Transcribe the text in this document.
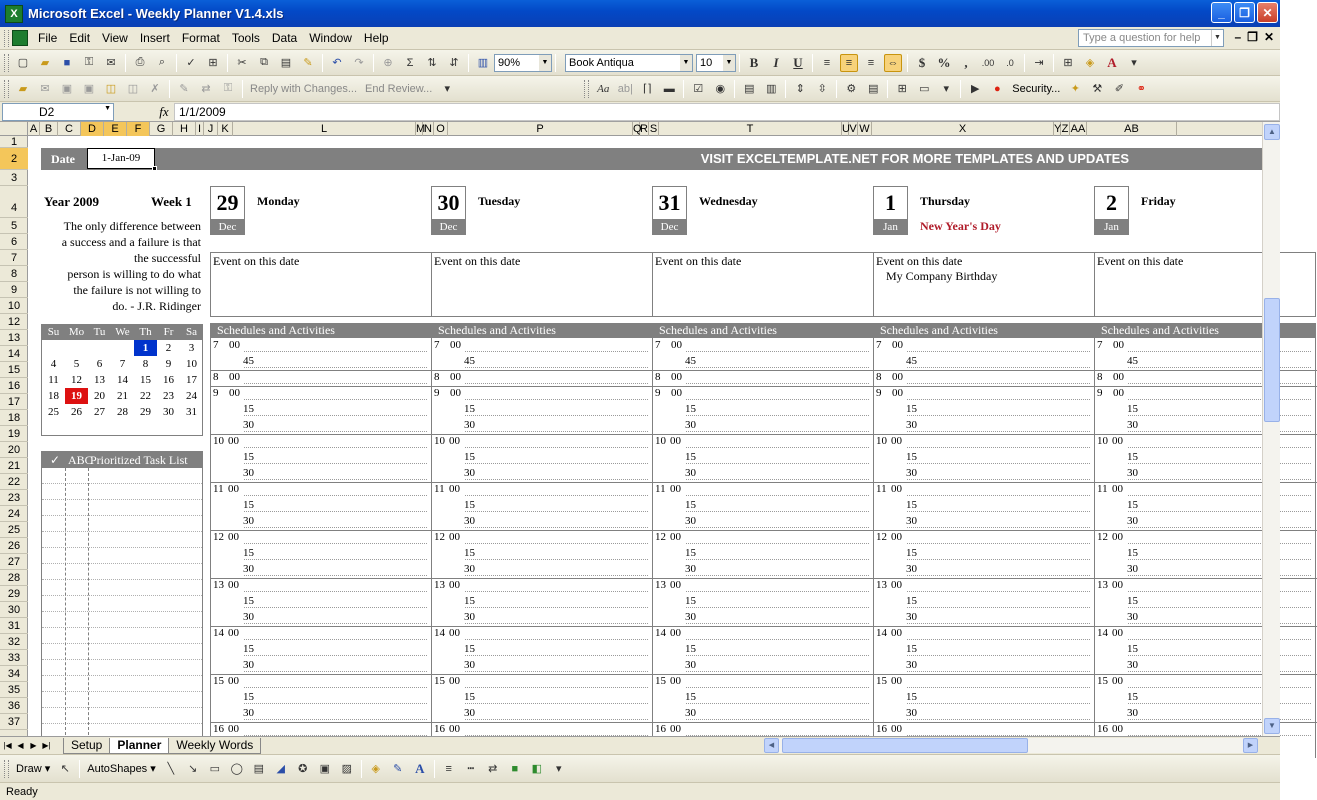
X Microsoft Excel - Weekly Planner V1.4.xls	_	❐	✕
File	Edit	View	Insert	Format	Tools	Data	Window	Help	Type a question for help	▼ – ❐ ✕
▢	▰	■	⚿	✉	⎙	⌕	✓	⊞	✂	⧉	▤	✎	↶	↷	⊕	Σ	⇅	⇵	▥ 90%	▼ Book Antiqua	▼ 10	▼	B	I	U	≡	≡	≡	⇔	$ %	,	.00	.0	⇥	⊞	◈	A	▾
▰	✉	▣	▣	◫	◫	✗	✎	⇄	⚿	Reply with Changes... End Review...	▾	Aa ab| ⌈⌉	▬	☑	◉	▤	▥	⇕	⇳	⚙	▤	⊞	▭	▾	▶	●	Security... ✦	⚒	✐	⚭
D2	▼	fx 1/1/2009
A B	C	D	E	F	G	H I J K	L	M
N O	P	Q
R S	T	U V W	X	Y Z AA	AB
1
2
3
4
5
6
7
8
9
10
12
13
14
15
16
17
18
19
20
21
22
23
24
25
26
27
28
29
30
31
32
33
34
35
36
37
Date	1-Jan-09	VISIT EXCELTEMPLATE.NET FOR MORE TEMPLATES AND UPDATES
Year 2009	Week 1
The only difference between
a success and a failure is that
the successful
person is willing to do what
the failure is not willing to
do. - J.R. Ridinger
Su Mo Tu We Th	Fr	Sa
1	2	3
4	5	6	7	8	9	10
11	12	13	14	15	16	17
18	19	20	21	22	23	24
25	26	27	28	29	30	31
✓ ABC
Prioritized Task List
29
Dec
Monday
Event on this date
Schedules and Activities
7 00
45
8 00
9 00
15
30
10 00
15
30
11 00
15
30
12 00
15
30
13 00
15
30
14 00
15
30
15 00
15
30
16 00
30
Dec
Tuesday
Event on this date
Schedules and Activities
7 00
45
8 00
9 00
15
30
10 00
15
30
11 00
15
30
12 00
15
30
13 00
15
30
14 00
15
30
15 00
15
30
16 00
31
Dec
Wednesday
Event on this date
Schedules and Activities
7 00
45
8 00
9 00
15
30
10 00
15
30
11 00
15
30
12 00
15
30
13 00
15
30
14 00
15
30
15 00
15
30
16 00
1
Jan
Thursday
New Year's Day
Event on this date
My Company Birthday
Schedules and Activities
7 00
45
8 00
9 00
15
30
10 00
15
30
11 00
15
30
12 00
15
30
13 00
15
30
14 00
15
30
15 00
15
30
16 00
2
Jan
Friday
Event on this date
Schedules and Activities
7 00
45
8 00
9 00
15
30
10 00
15
30
11 00
15
30
12 00
15
30
13 00
15
30
14 00
15
30
15 00
15
30
16 00
▲
▼
|◀ ◀ ▶ ▶|	Setup	Planner	Weekly Words	◀	▶
Draw ▾ ↖	AutoShapes ▾	╲	↘	▭ ◯ ▤	◢	✪	▣	▨	◈	✎ A	≡	┅	⇄	■	◧	▾
Ready
